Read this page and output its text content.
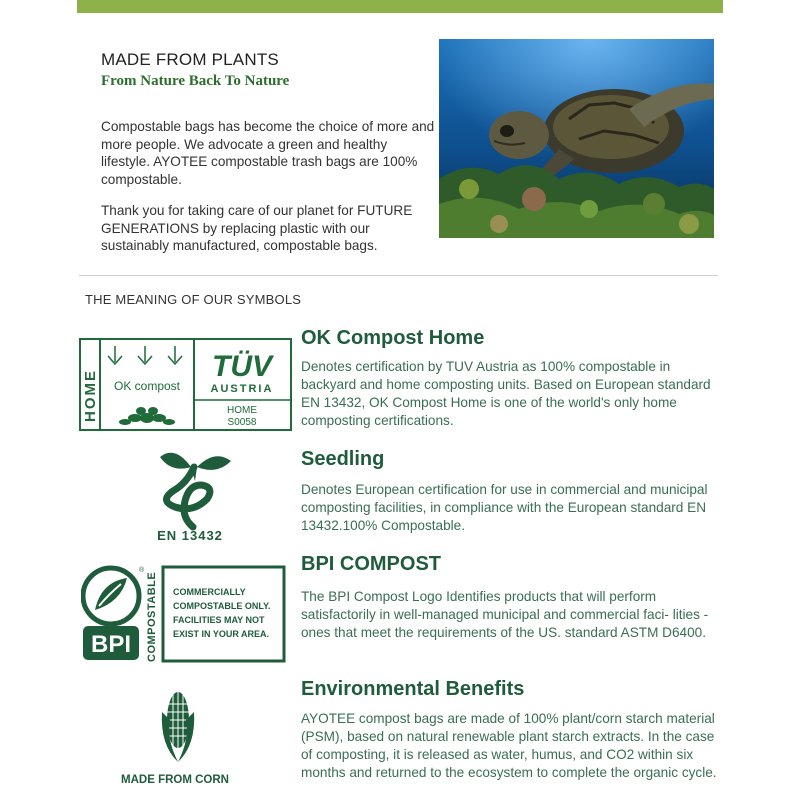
MADE FROM PLANTS
From Nature Back To Nature
Compostable bags has become the choice of more and more people. We advocate a green and healthy lifestyle. AYOTEE compostable trash bags are 100% compostable.
Thank you for taking care of our planet for FUTURE GENERATIONS by replacing plastic with our sustainably manufactured, compostable bags.
THE MEANING OF OUR SYMBOLS
HOME OK compost
TÜV
AUSTRIA
HOME
S0058
OK Compost Home
Denotes certification by TUV Austria as 100% compostable in backyard and home composting units. Based on European standard EN 13432, OK Compost Home is one of the world's only home composting certifications.
EN 13432
Seedling
Denotes European certification for use in commercial and municipal composting facilities, in compliance with the European standard EN 13432.100% Compostable.
®
BPI COMPOSTABLE COMMERCIALLY
COMPOSTABLE ONLY.
FACILITIES MAY NOT
EXIST IN YOUR AREA.
BPI COMPOST
The BPI Compost Logo Identifies products that will perform satisfactorily in well-managed municipal and commercial faci- lities - ones that meet the requirements of the US. standard ASTM D6400.
MADE FROM CORN
Environmental Benefits
AYOTEE compost bags are made of 100% plant/corn starch material (PSM), based on natural renewable plant starch extracts. In the case of composting, it is released as water, humus, and CO2 within six months and returned to the ecosystem to complete the organic cycle.
